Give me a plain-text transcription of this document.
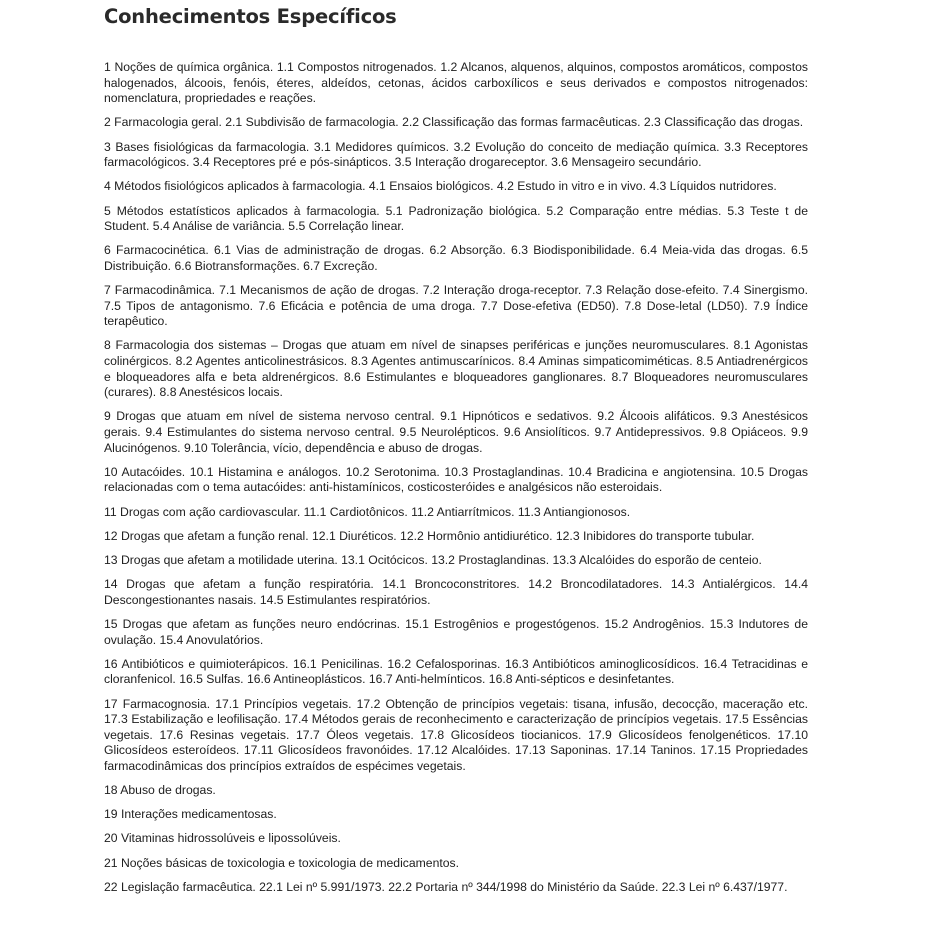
Conhecimentos Específicos

1 Noções de química orgânica. 1.1 Compostos nitrogenados. 1.2 Alcanos, alquenos, alquinos, compostos aromáticos, compostos halogenados, álcoois, fenóis, éteres, aldeídos, cetonas, ácidos carboxílicos e seus derivados e compostos nitrogenados: nomenclatura, propriedades e reações.

2 Farmacologia geral. 2.1 Subdivisão de farmacologia. 2.2 Classificação das formas farmacêuticas. 2.3 Classificação das drogas.

3 Bases fisiológicas da farmacologia. 3.1 Medidores químicos. 3.2 Evolução do conceito de mediação química. 3.3 Receptores farmacológicos. 3.4 Receptores pré e pós-sinápticos. 3.5 Interação drogareceptor. 3.6 Mensageiro secundário.

4 Métodos fisiológicos aplicados à farmacologia. 4.1 Ensaios biológicos. 4.2 Estudo in vitro e in vivo. 4.3 Líquidos nutridores.

5 Métodos estatísticos aplicados à farmacologia. 5.1 Padronização biológica. 5.2 Comparação entre médias. 5.3 Teste t de Student. 5.4 Análise de variância. 5.5 Correlação linear.

6 Farmacocinética. 6.1 Vias de administração de drogas. 6.2 Absorção. 6.3 Biodisponibilidade. 6.4 Meia-vida das drogas. 6.5 Distribuição. 6.6 Biotransformações. 6.7 Excreção.

7 Farmacodinâmica. 7.1 Mecanismos de ação de drogas. 7.2 Interação droga-receptor. 7.3 Relação dose-efeito. 7.4 Sinergismo. 7.5 Tipos de antagonismo. 7.6 Eficácia e potência de uma droga. 7.7 Dose-efetiva (ED50). 7.8 Dose-letal (LD50). 7.9 Índice terapêutico.

8 Farmacologia dos sistemas – Drogas que atuam em nível de sinapses periféricas e junções neuromusculares. 8.1 Agonistas colinérgicos. 8.2 Agentes anticolinestrásicos. 8.3 Agentes antimuscarínicos. 8.4 Aminas simpaticomiméticas. 8.5 Antiadrenérgicos e bloqueadores alfa e beta aldrenérgicos. 8.6 Estimulantes e bloqueadores ganglionares. 8.7 Bloqueadores neuromusculares (curares). 8.8 Anestésicos locais.

9 Drogas que atuam em nível de sistema nervoso central. 9.1 Hipnóticos e sedativos. 9.2 Álcoois alifáticos. 9.3 Anestésicos gerais. 9.4 Estimulantes do sistema nervoso central. 9.5 Neurolépticos. 9.6 Ansiolíticos. 9.7 Antidepressivos. 9.8 Opiáceos. 9.9 Alucinógenos. 9.10 Tolerância, vício, dependência e abuso de drogas.

10 Autacóides. 10.1 Histamina e análogos. 10.2 Serotonima. 10.3 Prostaglandinas. 10.4 Bradicina e angiotensina. 10.5 Drogas relacionadas com o tema autacóides: anti-histamínicos, costicosteróides e analgésicos não esteroidais.

11 Drogas com ação cardiovascular. 11.1 Cardiotônicos. 11.2 Antiarrítmicos. 11.3 Antiangionosos.

12 Drogas que afetam a função renal. 12.1 Diuréticos. 12.2 Hormônio antidiurético. 12.3 Inibidores do transporte tubular.

13 Drogas que afetam a motilidade uterina. 13.1 Ocitócicos. 13.2 Prostaglandinas. 13.3 Alcalóides do esporão de centeio.

14 Drogas que afetam a função respiratória. 14.1 Broncoconstritores. 14.2 Broncodilatadores. 14.3 Antialérgicos. 14.4 Descongestionantes nasais. 14.5 Estimulantes respiratórios.

15 Drogas que afetam as funções neuro endócrinas. 15.1 Estrogênios e progestógenos. 15.2 Androgênios. 15.3 Indutores de ovulação. 15.4 Anovulatórios.

16 Antibióticos e quimioterápicos. 16.1 Penicilinas. 16.2 Cefalosporinas. 16.3 Antibióticos aminoglicosídicos. 16.4 Tetracidinas e cloranfenicol. 16.5 Sulfas. 16.6 Antineoplásticos. 16.7 Anti-helmínticos. 16.8 Anti-sépticos e desinfetantes.

17 Farmacognosia. 17.1 Princípios vegetais. 17.2 Obtenção de princípios vegetais: tisana, infusão, decocção, maceração etc. 17.3 Estabilização e leofilisação. 17.4 Métodos gerais de reconhecimento e caracterização de princípios vegetais. 17.5 Essências vegetais. 17.6 Resinas vegetais. 17.7 Óleos vegetais. 17.8 Glicosídeos tiocianicos. 17.9 Glicosídeos fenolgenéticos. 17.10 Glicosídeos esteroídeos. 17.11 Glicosídeos fravonóides. 17.12 Alcalóides. 17.13 Saponinas. 17.14 Taninos. 17.15 Propriedades farmacodinâmicas dos princípios extraídos de espécimes vegetais.

18 Abuso de drogas.

19 Interações medicamentosas.

20 Vitaminas hidrossolúveis e lipossolúveis.

21 Noções básicas de toxicologia e toxicologia de medicamentos.

22 Legislação farmacêutica. 22.1 Lei nº 5.991/1973. 22.2 Portaria nº 344/1998 do Ministério da Saúde. 22.3 Lei nº 6.437/1977.
